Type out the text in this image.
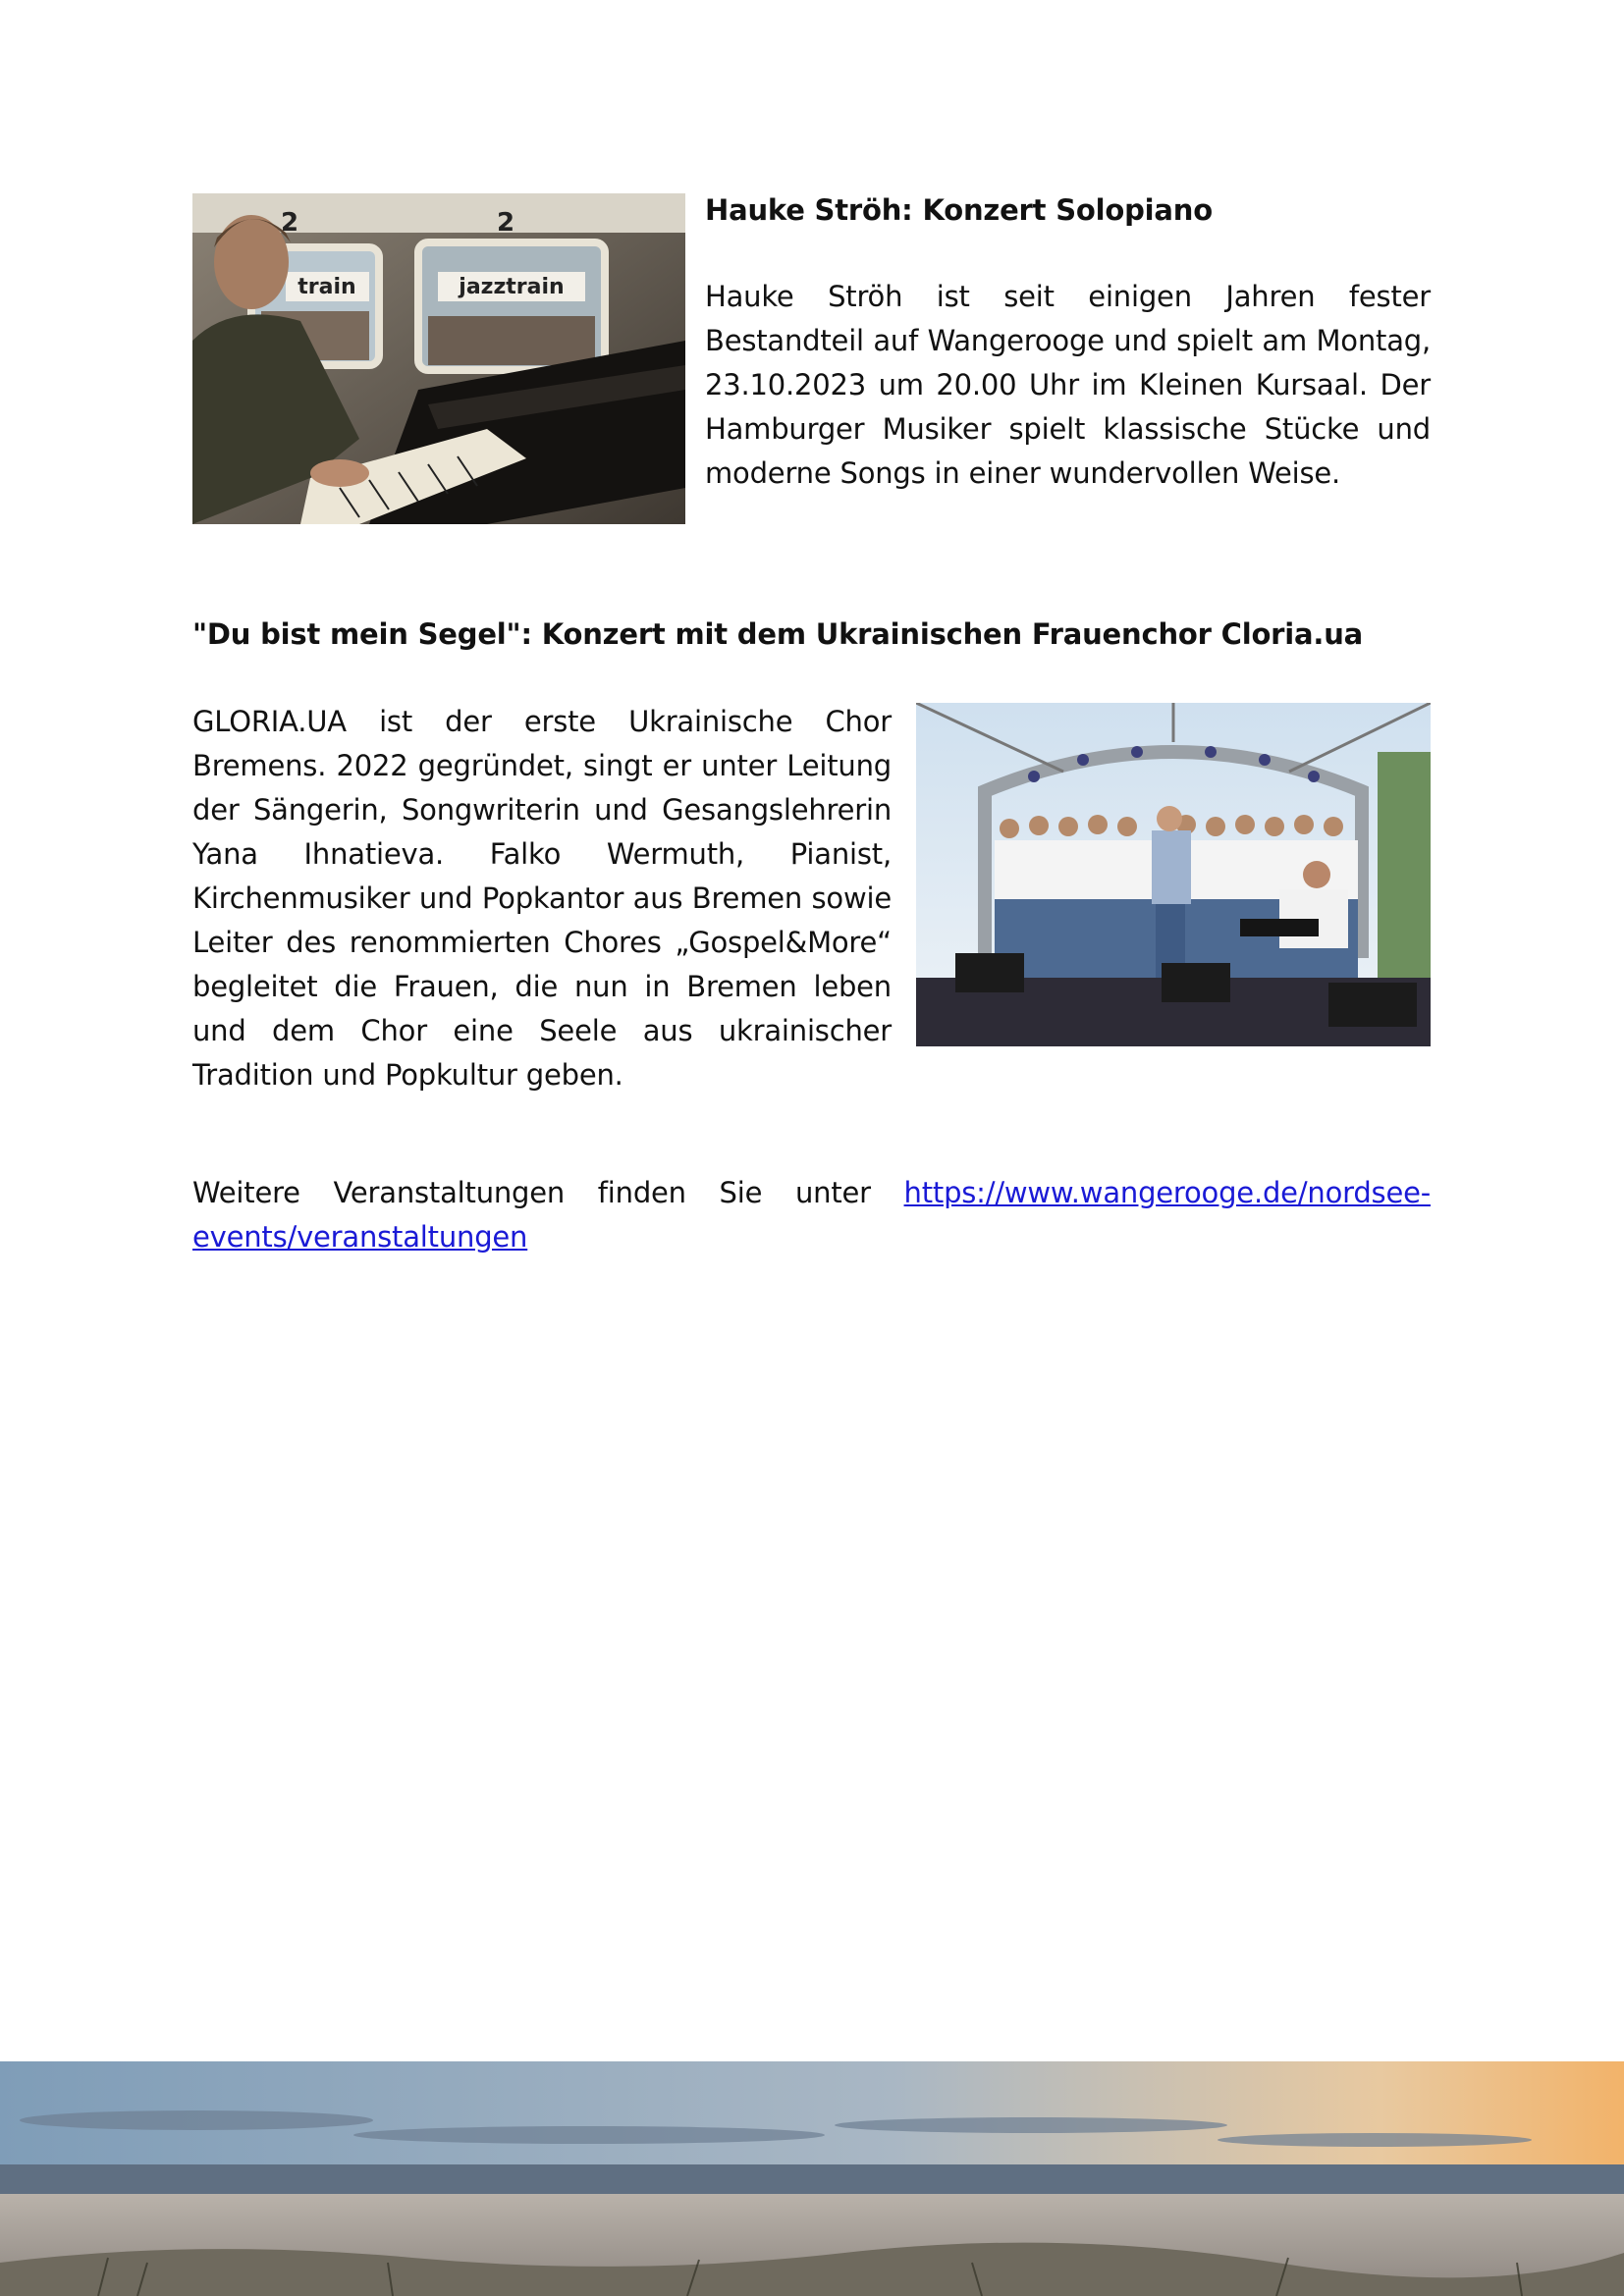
train	jazztrain
2	2	Hauke Ströh: Konzert Solopiano

Hauke Ströh ist seit einigen Jahren fester Bestandteil auf Wangerooge und spielt am Montag, 23.10.2023 um 20.00 Uhr im Kleinen Kursaal. Der Hamburger Musiker spielt klassische Stücke und moderne Songs in einer wundervollen Weise.

"Du bist mein Segel": Konzert mit dem Ukrainischen Frauenchor Cloria.ua

GLORIA.UA ist der erste Ukrainische Chor Bremens. 2022 gegründet, singt er unter Leitung der Sängerin, Songwriterin und Gesangslehrerin Yana Ihnatieva. Falko Wermuth, Pianist, Kirchenmusiker und Popkantor aus Bremen sowie Leiter des renommierten Chores „Gospel&More“ begleitet die Frauen, die nun in Bremen leben und dem Chor eine Seele aus ukrainischer Tradition und Popkultur geben.

Weitere Veranstaltungen finden Sie unter https://www.wangerooge.de/nordsee-events/veranstaltungen
